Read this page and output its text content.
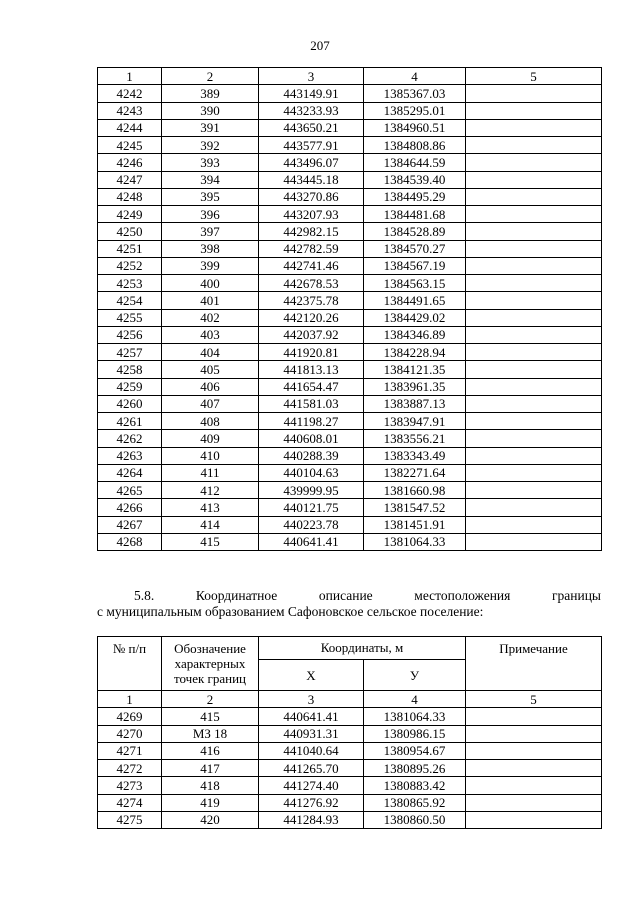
207
1	2	3	4	5
4242	389	443149.91	1385367.03	
4243	390	443233.93	1385295.01	
4244	391	443650.21	1384960.51	
4245	392	443577.91	1384808.86	
4246	393	443496.07	1384644.59	
4247	394	443445.18	1384539.40	
4248	395	443270.86	1384495.29	
4249	396	443207.93	1384481.68	
4250	397	442982.15	1384528.89	
4251	398	442782.59	1384570.27	
4252	399	442741.46	1384567.19	
4253	400	442678.53	1384563.15	
4254	401	442375.78	1384491.65	
4255	402	442120.26	1384429.02	
4256	403	442037.92	1384346.89	
4257	404	441920.81	1384228.94	
4258	405	441813.13	1384121.35	
4259	406	441654.47	1383961.35	
4260	407	441581.03	1383887.13	
4261	408	441198.27	1383947.91	
4262	409	440608.01	1383556.21	
4263	410	440288.39	1383343.49	
4264	411	440104.63	1382271.64	
4265	412	439999.95	1381660.98	
4266	413	440121.75	1381547.52	
4267	414	440223.78	1381451.91	
4268	415	440641.41	1381064.33	
5.8. Координатное описание местоположения границы
с муниципальным образованием Сафоновское сельское поселение:
№ п/п	Обозначение характерных точек границ	Координаты, м		Примечание
		X	У	
1	2	3	4	5
4269	415	440641.41	1381064.33	
4270	МЗ 18	440931.31	1380986.15	
4271	416	441040.64	1380954.67	
4272	417	441265.70	1380895.26	
4273	418	441274.40	1380883.42	
4274	419	441276.92	1380865.92	
4275	420	441284.93	1380860.50	
